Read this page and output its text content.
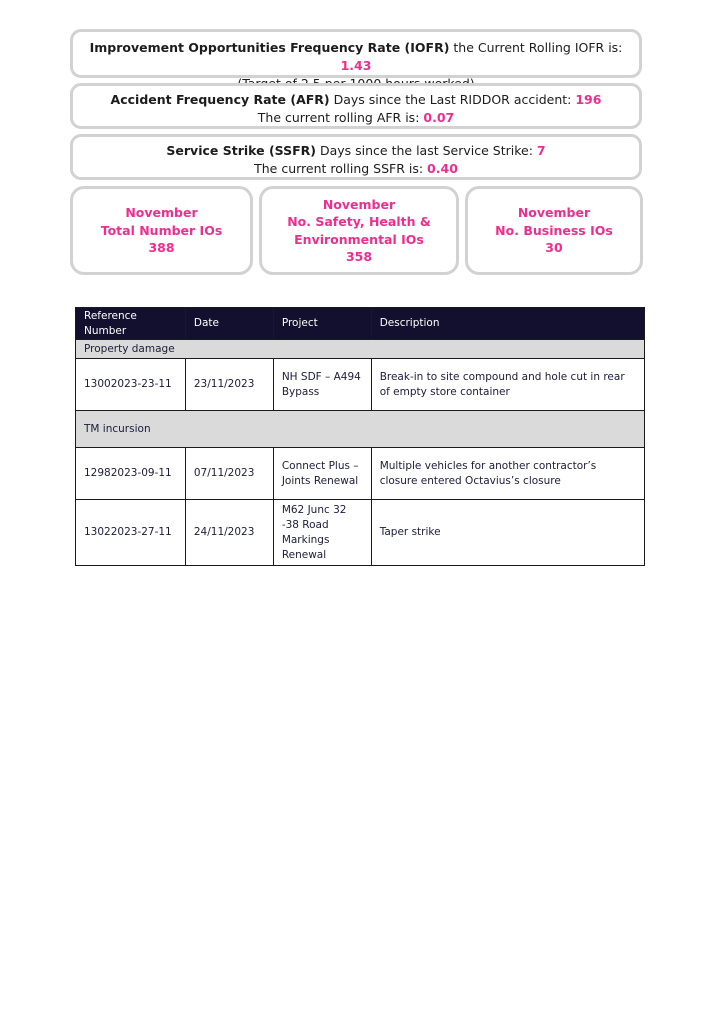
Improvement Opportunities Frequency Rate (IOFR) the Current Rolling IOFR is: 1.43
Accident Frequency Rate (AFR) Days since the Last RIDDOR accident: 196
The current rolling AFR is: 0.07
Service Strike (SSFR) Days since the last Service Strike: 7
The current rolling SSFR is: 0.40
November
Total Number IOs
388
November
No. Safety, Health &
Environmental IOs
358
November
No. Business IOs
30
Reference Number	Date	Project	Description
Property damage			
13002023-23-11	23/11/2023	NH SDF – A494 Bypass	Break-in to site compound and hole cut in rear of empty store container
TM incursion			
12982023-09-11	07/11/2023	Connect Plus – Joints Renewal	Multiple vehicles for another contractor’s closure entered Octavius’s closure
13022023-27-11	24/11/2023	M62 Junc 32 -38 Road Markings Renewal	Taper strike
